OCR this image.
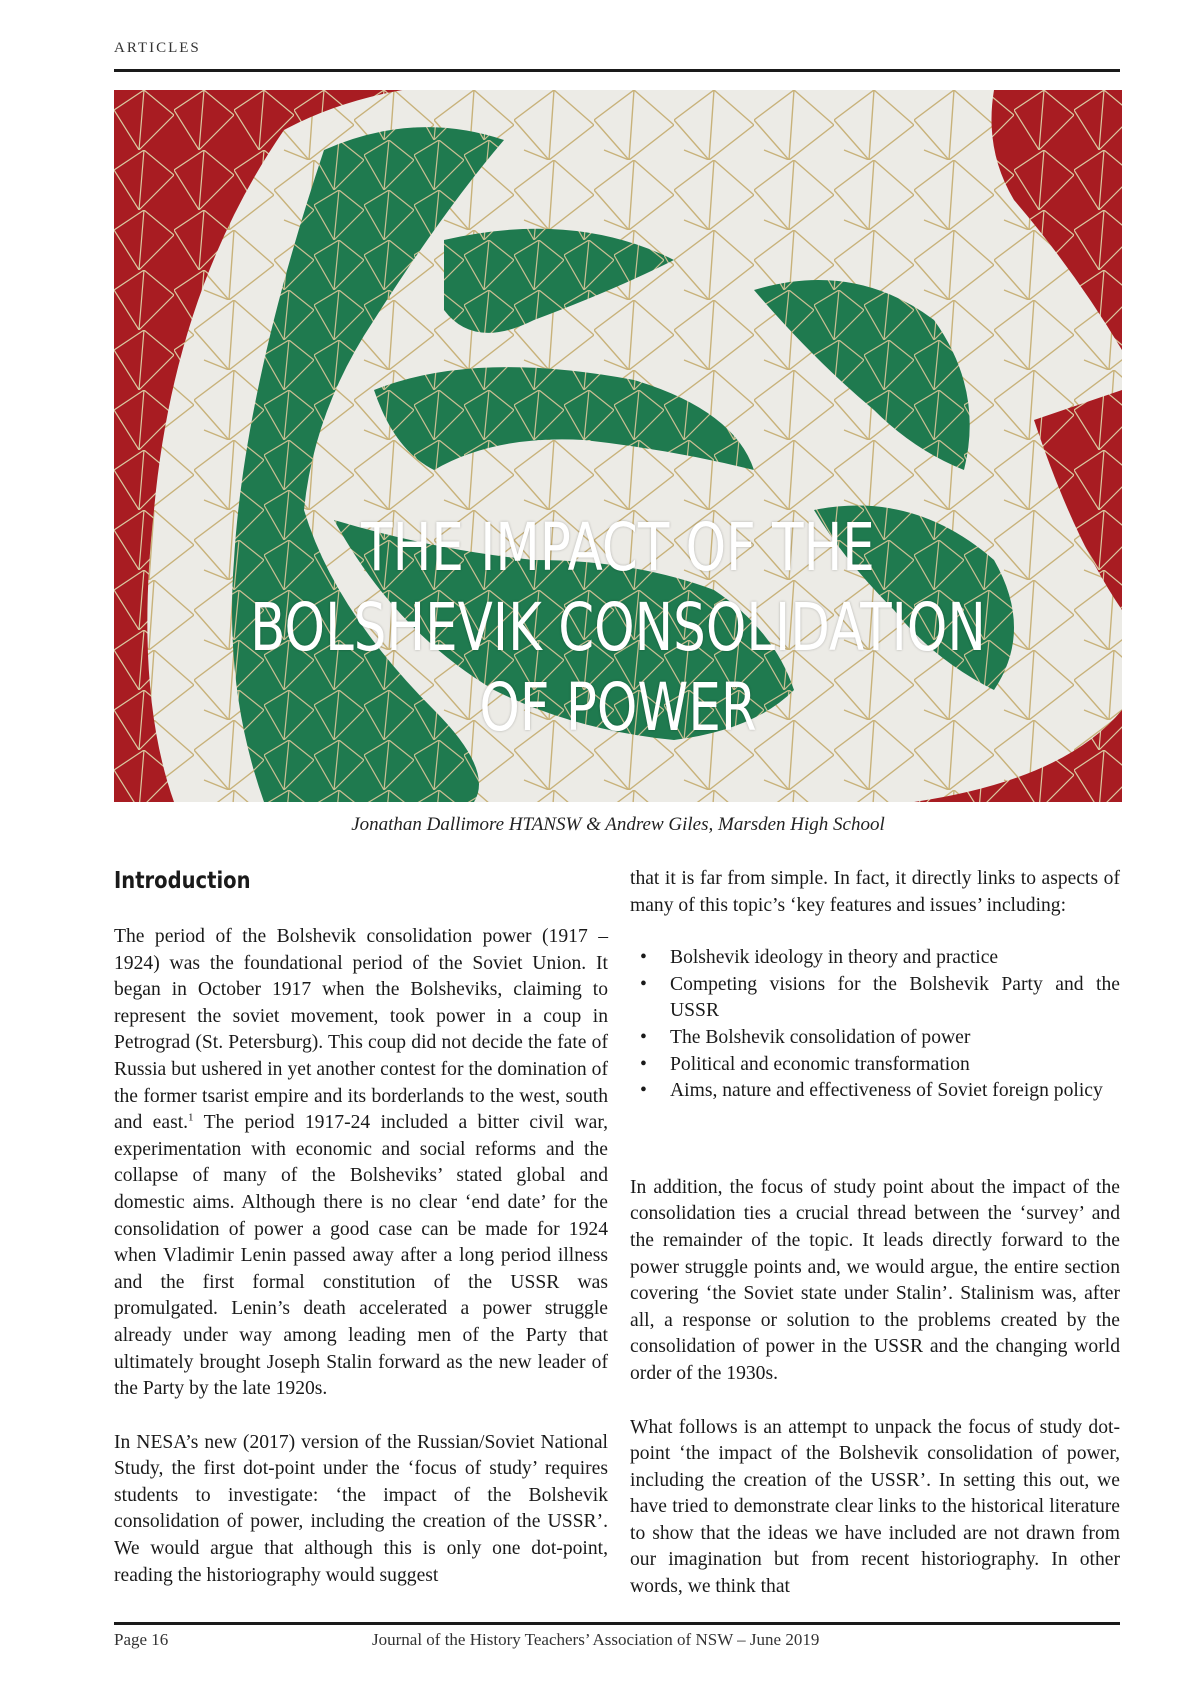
ARTICLES
THE IMPACT OF THE
BOLSHEVIK CONSOLIDATION
OF POWER
Jonathan Dallimore HTANSW & Andrew Giles, Marsden High School
Introduction

The period of the Bolshevik consolidation power (1917 – 1924) was the foundational period of the Soviet Union. It began in October 1917 when the Bolsheviks, claiming to represent the soviet movement, took power in a coup in Petrograd (St. Petersburg). This coup did not decide the fate of Russia but ushered in yet another contest for the domination of the former tsarist empire and its borderlands to the west, south and east.$^1$ The period 1917-24 included a bitter civil war, experimentation with economic and social reforms and the collapse of many of the Bolsheviks’ stated global and domestic aims. Although there is no clear ‘end date’ for the consolidation of power a good case can be made for 1924 when Vladimir Lenin passed away after a long period illness and the first formal constitution of the USSR was promulgated. Lenin’s death accelerated a power struggle already under way among leading men of the Party that ultimately brought Joseph Stalin forward as the new leader of the Party by the late 1920s.

In NESA’s new (2017) version of the Russian/Soviet National Study, the first dot-point under the ‘focus of study’ requires students to investigate: ‘the impact of the Bolshevik consolidation of power, including the creation of the USSR’. We would argue that although this is only one dot-point, reading the historiography would suggest

that it is far from simple. In fact, it directly links to aspects of many of this topic’s ‘key features and issues’ including:

• Bolshevik ideology in theory and practice
• Competing visions for the Bolshevik Party and the USSR
• The Bolshevik consolidation of power
• Political and economic transformation
• Aims, nature and effectiveness of Soviet foreign policy

In addition, the focus of study point about the impact of the consolidation ties a crucial thread between the ‘survey’ and the remainder of the topic. It leads directly forward to the power struggle points and, we would argue, the entire section covering ‘the Soviet state under Stalin’. Stalinism was, after all, a response or solution to the problems created by the consolidation of power in the USSR and the changing world order of the 1930s.

What follows is an attempt to unpack the focus of study dot-point ‘the impact of the Bolshevik consolidation of power, including the creation of the USSR’. In setting this out, we have tried to demonstrate clear links to the historical literature to show that the ideas we have included are not drawn from our imagination but from recent historiography. In other words, we think that

Page 16	Journal of the History Teachers’ Association of NSW – June 2019
